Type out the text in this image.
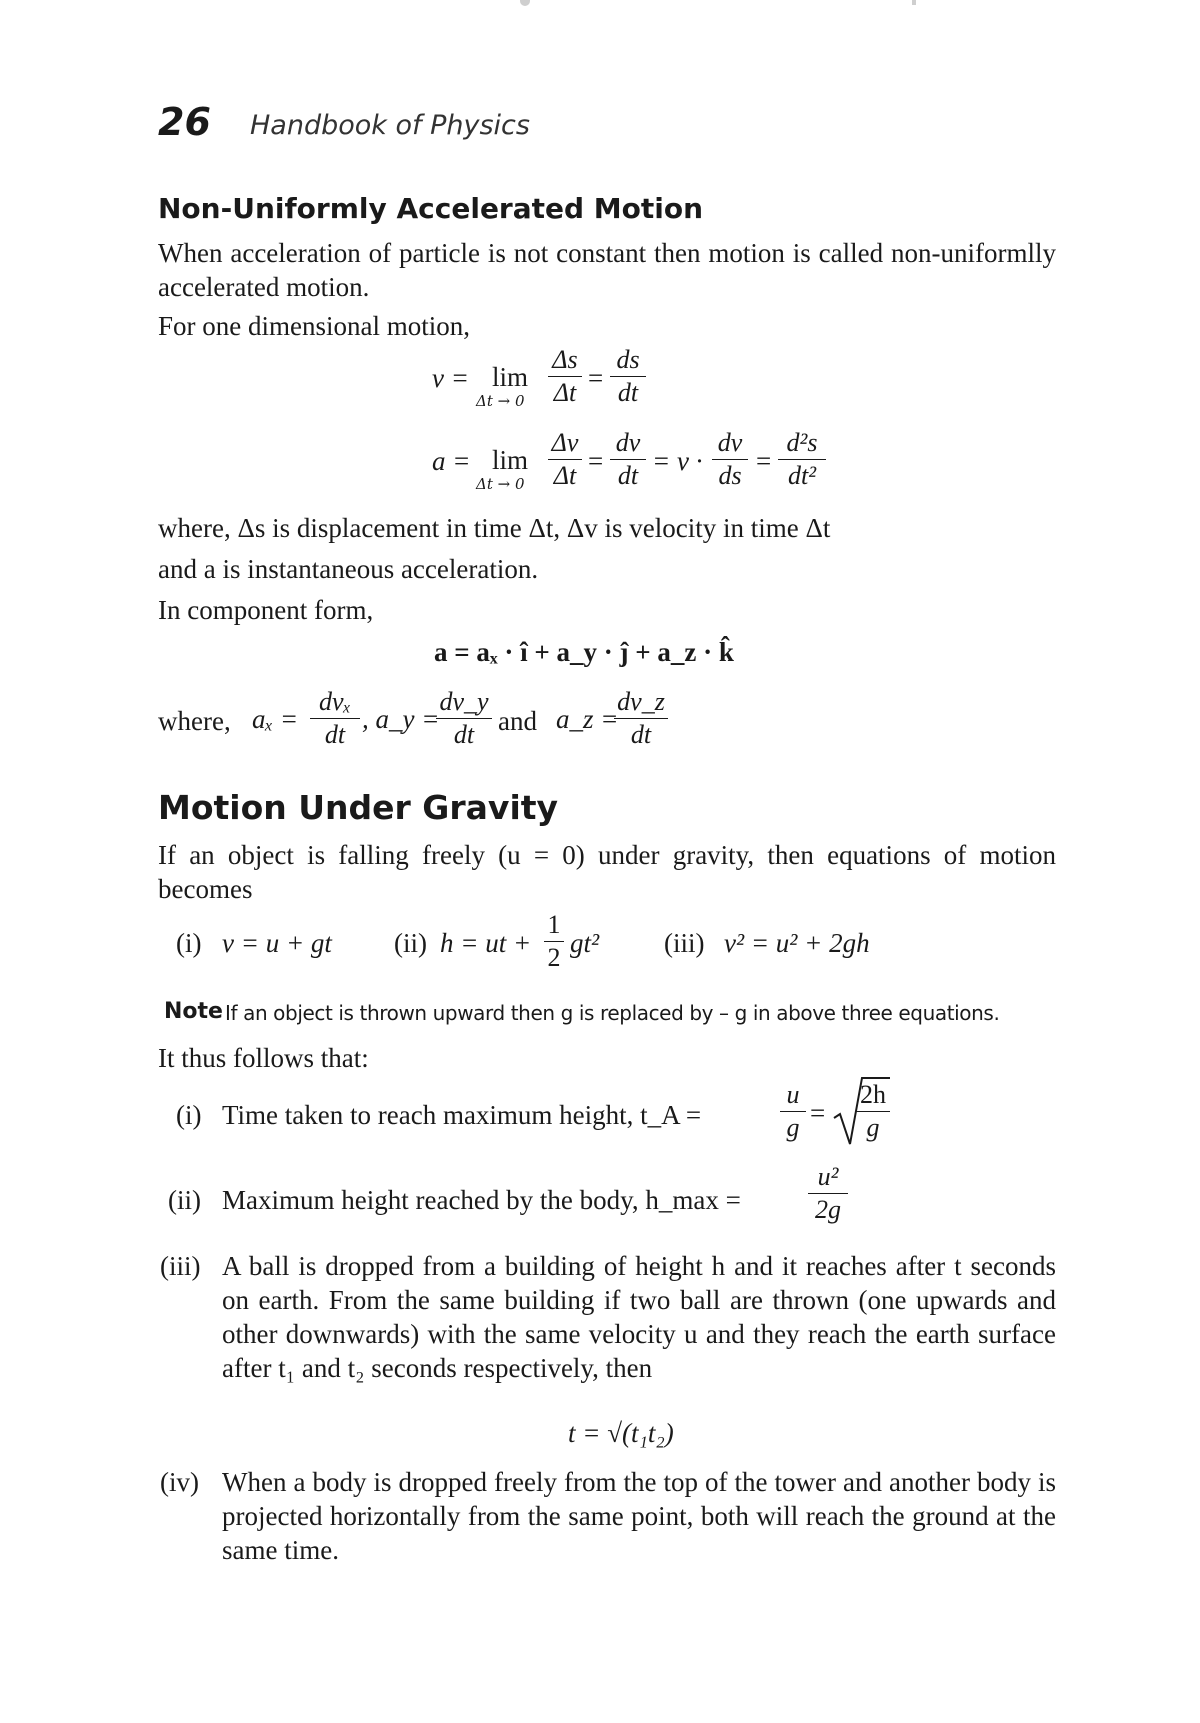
26 Handbook of Physics
Non-Uniformly Accelerated Motion
When acceleration of particle is not constant then motion is called non-uniformlly accelerated motion.
For one dimensional motion,
v = lim
Δt → 0
Δs
Δt =
ds
dt
a = lim
Δt → 0
Δv
Δt =
dv
dt = v ·
dv
ds =
d²s
dt²
where, Δs is displacement in time Δt, Δv is velocity in time Δt
and a is instantaneous acceleration.
In component form,
a = aₓ · î + a_y · ĵ + a_z · k̂
where, aₓ =
dvₓ
dt
, a_y =
dv_y
dt and a_z =
dv_z
dt
Motion Under Gravity
If an object is falling freely (u = 0) under gravity, then equations of motion becomes
(i) v = u + gt (ii) h = ut +
1
2 gt² (iii) v² = u² + 2gh
Note If an object is thrown upward then g is replaced by – g in above three equations.
It thus follows that:
(i) Time taken to reach maximum height, t_A =
u
g =
2h
g
(ii) Maximum height reached by the body, h_max =
u²
2g
(iii) A ball is dropped from a building of height h and it reaches after t seconds on earth. From the same building if two ball are thrown (one upwards and other downwards) with the same velocity u and they reach the earth surface after t₁ and t₂ seconds respectively, then
t = √(t₁t₂)
(iv) When a body is dropped freely from the top of the tower and another body is projected horizontally from the same point, both will reach the ground at the same time.
